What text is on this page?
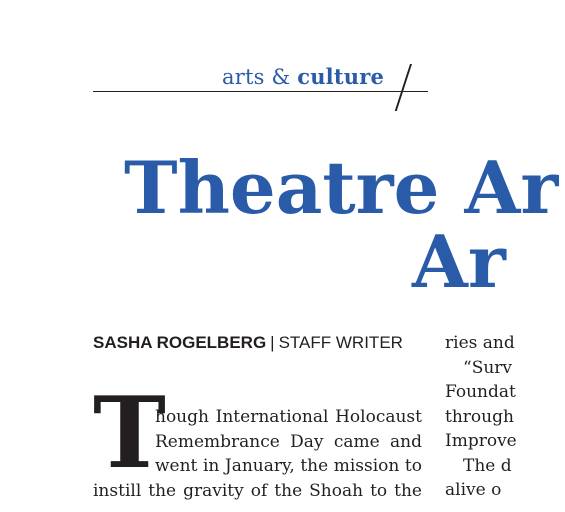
arts & culture
Theatre Ar
Ar
SASHA ROGELBERG | STAFF WRITER
T
hough International Holocaust
Remembrance Day came and
went in January, the mission to
instill the gravity of the Shoah to the
ries and
“Surv
Foundat
through
Improve
The d
alive o
